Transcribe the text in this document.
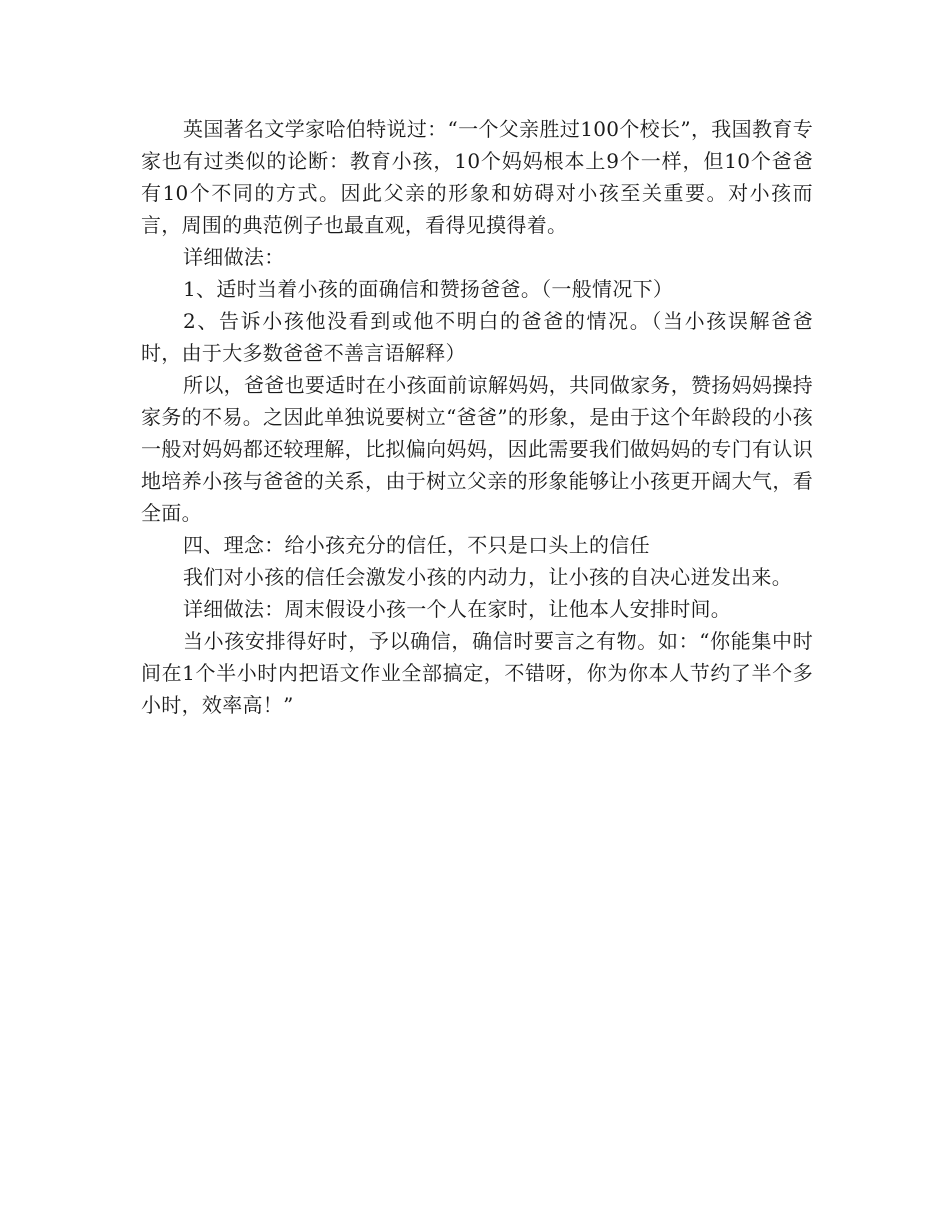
英国著名文学家哈伯特说过：“一个父亲胜过100个校长”，我国教育专家也有过类似的论断：教育小孩，10个妈妈根本上9个一样，但10个爸爸有10个不同的方式。因此父亲的形象和妨碍对小孩至关重要。对小孩而言，周围的典范例子也最直观，看得见摸得着。

详细做法：

1、适时当着小孩的面确信和赞扬爸爸。（一般情况下）

2、告诉小孩他没看到或他不明白的爸爸的情况。（当小孩误解爸爸时，由于大多数爸爸不善言语解释）

所以，爸爸也要适时在小孩面前谅解妈妈，共同做家务，赞扬妈妈操持家务的不易。之因此单独说要树立“爸爸”的形象，是由于这个年龄段的小孩一般对妈妈都还较理解，比拟偏向妈妈，因此需要我们做妈妈的专门有认识地培养小孩与爸爸的关系，由于树立父亲的形象能够让小孩更开阔大气，看全面。

四、理念：给小孩充分的信任，不只是口头上的信任

我们对小孩的信任会激发小孩的内动力，让小孩的自决心迸发出来。

详细做法：周末假设小孩一个人在家时，让他本人安排时间。

当小孩安排得好时，予以确信，确信时要言之有物。如：“你能集中时间在1个半小时内把语文作业全部搞定，不错呀，你为你本人节约了半个多小时，效率高！”
